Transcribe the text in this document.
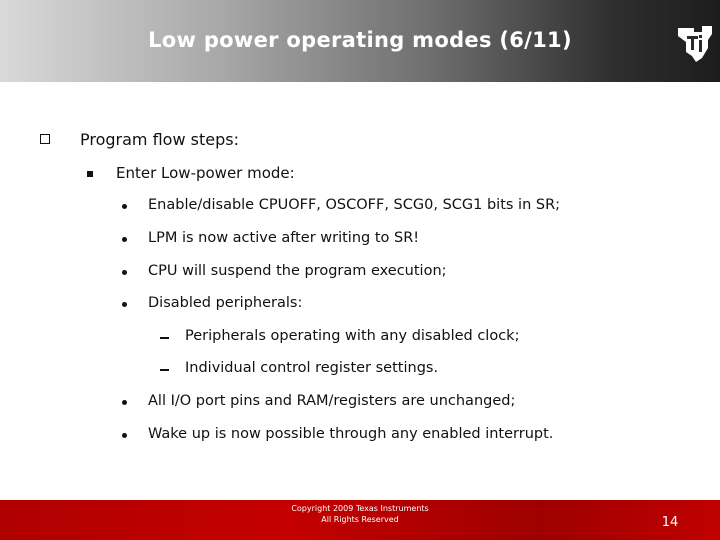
Low power operating modes (6/11)
Program flow steps:
Enter Low-power mode:
Enable/disable CPUOFF, OSCOFF, SCG0, SCG1 bits in SR;
LPM is now active after writing to SR!
CPU will suspend the program execution;
Disabled peripherals:
Peripherals operating with any disabled clock;
Individual control register settings.
All I/O port pins and RAM/registers are unchanged;
Wake up is now possible through any enabled interrupt.
Copyright 2009 Texas Instruments
All Rights Reserved	14
